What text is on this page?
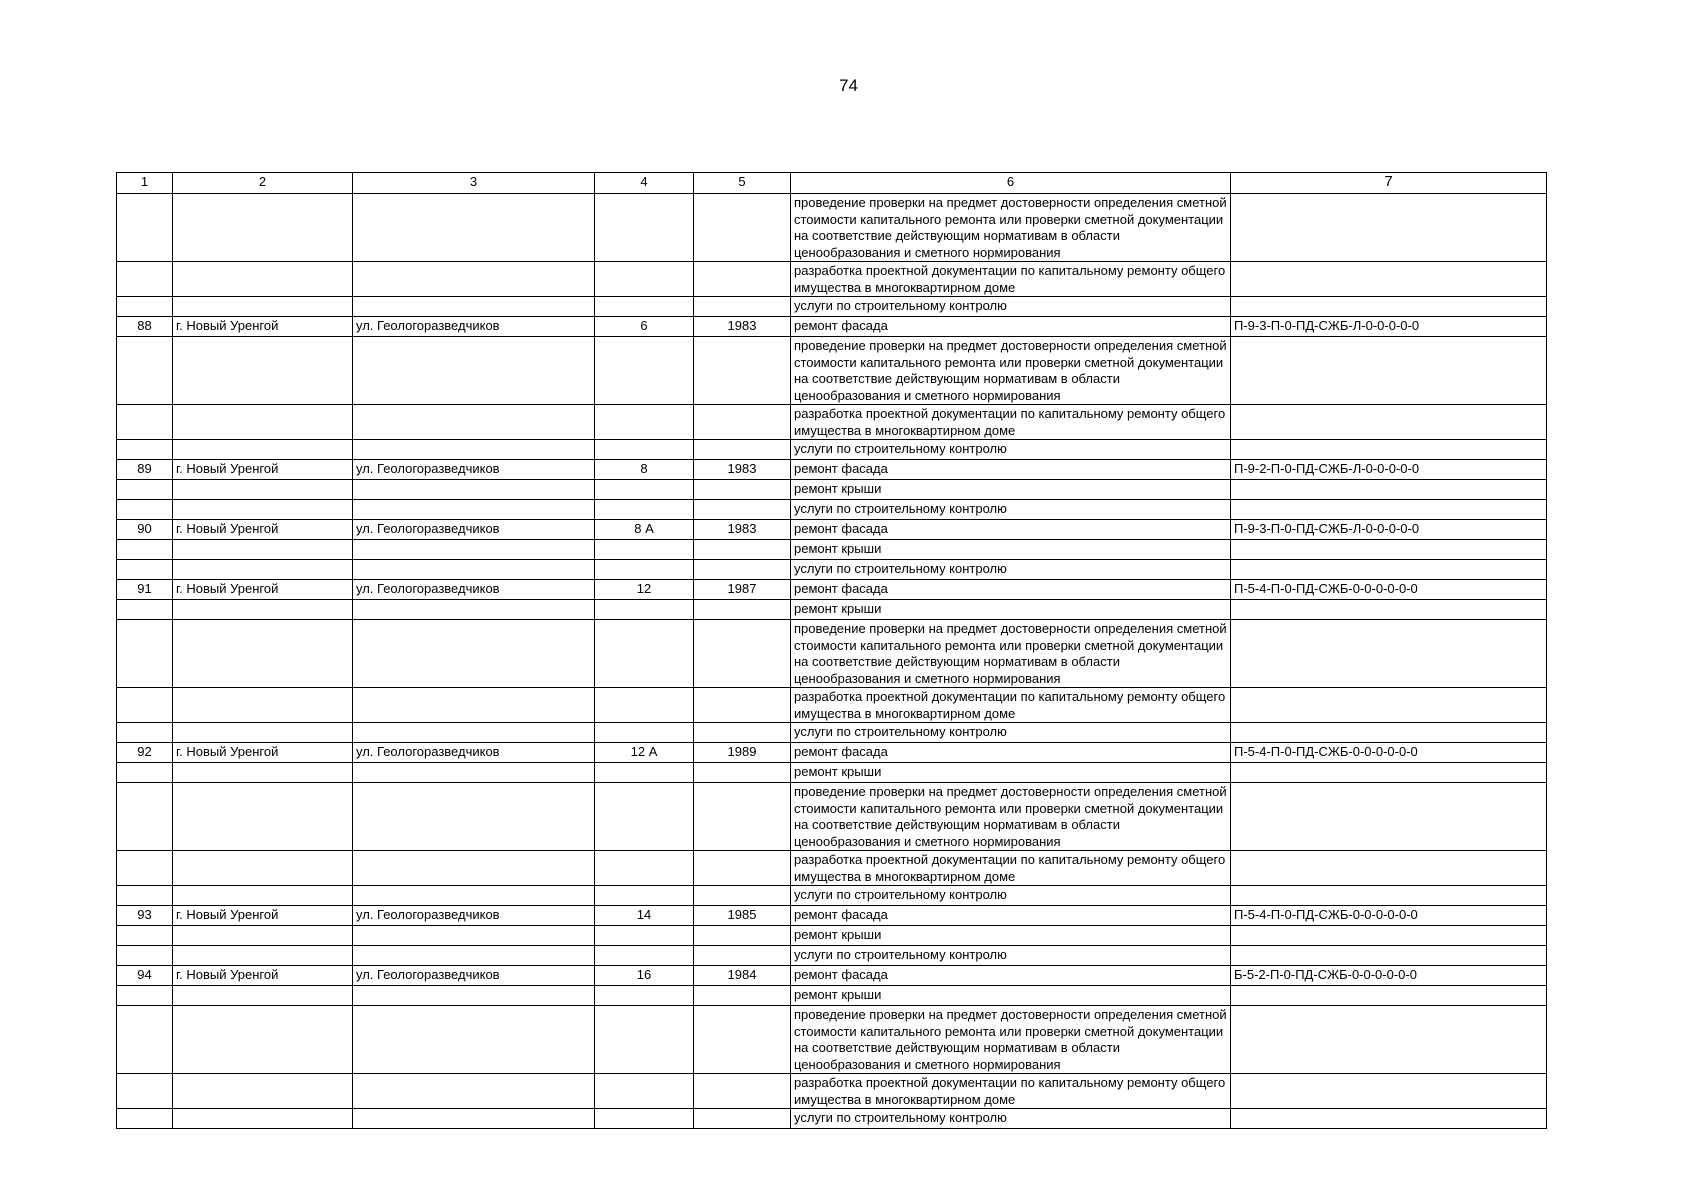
74
1	2	3	4	5	6	7
					проведение проверки на предмет достоверности определения сметной стоимости капитального ремонта или проверки сметной документации на соответствие действующим нормативам в области ценообразования и сметного нормирования	
					разработка проектной документации по капитальному ремонту общего имущества в многоквартирном доме	
					услуги по строительному контролю	
88	г. Новый Уренгой	ул. Геологоразведчиков	6	1983	ремонт фасада	П-9-3-П-0-ПД-СЖБ-Л-0-0-0-0-0
					проведение проверки на предмет достоверности определения сметной стоимости капитального ремонта или проверки сметной документации на соответствие действующим нормативам в области ценообразования и сметного нормирования	
					разработка проектной документации по капитальному ремонту общего имущества в многоквартирном доме	
					услуги по строительному контролю	
89	г. Новый Уренгой	ул. Геологоразведчиков	8	1983	ремонт фасада	П-9-2-П-0-ПД-СЖБ-Л-0-0-0-0-0
					ремонт крыши	
					услуги по строительному контролю	
90	г. Новый Уренгой	ул. Геологоразведчиков	8 А	1983	ремонт фасада	П-9-3-П-0-ПД-СЖБ-Л-0-0-0-0-0
					ремонт крыши	
					услуги по строительному контролю	
91	г. Новый Уренгой	ул. Геологоразведчиков	12	1987	ремонт фасада	П-5-4-П-0-ПД-СЖБ-0-0-0-0-0-0
					ремонт крыши	
					проведение проверки на предмет достоверности определения сметной стоимости капитального ремонта или проверки сметной документации на соответствие действующим нормативам в области ценообразования и сметного нормирования	
					разработка проектной документации по капитальному ремонту общего имущества в многоквартирном доме	
					услуги по строительному контролю	
92	г. Новый Уренгой	ул. Геологоразведчиков	12 А	1989	ремонт фасада	П-5-4-П-0-ПД-СЖБ-0-0-0-0-0-0
					ремонт крыши	
					проведение проверки на предмет достоверности определения сметной стоимости капитального ремонта или проверки сметной документации на соответствие действующим нормативам в области ценообразования и сметного нормирования	
					разработка проектной документации по капитальному ремонту общего имущества в многоквартирном доме	
					услуги по строительному контролю	
93	г. Новый Уренгой	ул. Геологоразведчиков	14	1985	ремонт фасада	П-5-4-П-0-ПД-СЖБ-0-0-0-0-0-0
					ремонт крыши	
					услуги по строительному контролю	
94	г. Новый Уренгой	ул. Геологоразведчиков	16	1984	ремонт фасада	Б-5-2-П-0-ПД-СЖБ-0-0-0-0-0-0
					ремонт крыши	
					проведение проверки на предмет достоверности определения сметной стоимости капитального ремонта или проверки сметной документации на соответствие действующим нормативам в области ценообразования и сметного нормирования	
					разработка проектной документации по капитальному ремонту общего имущества в многоквартирном доме	
					услуги по строительному контролю	
